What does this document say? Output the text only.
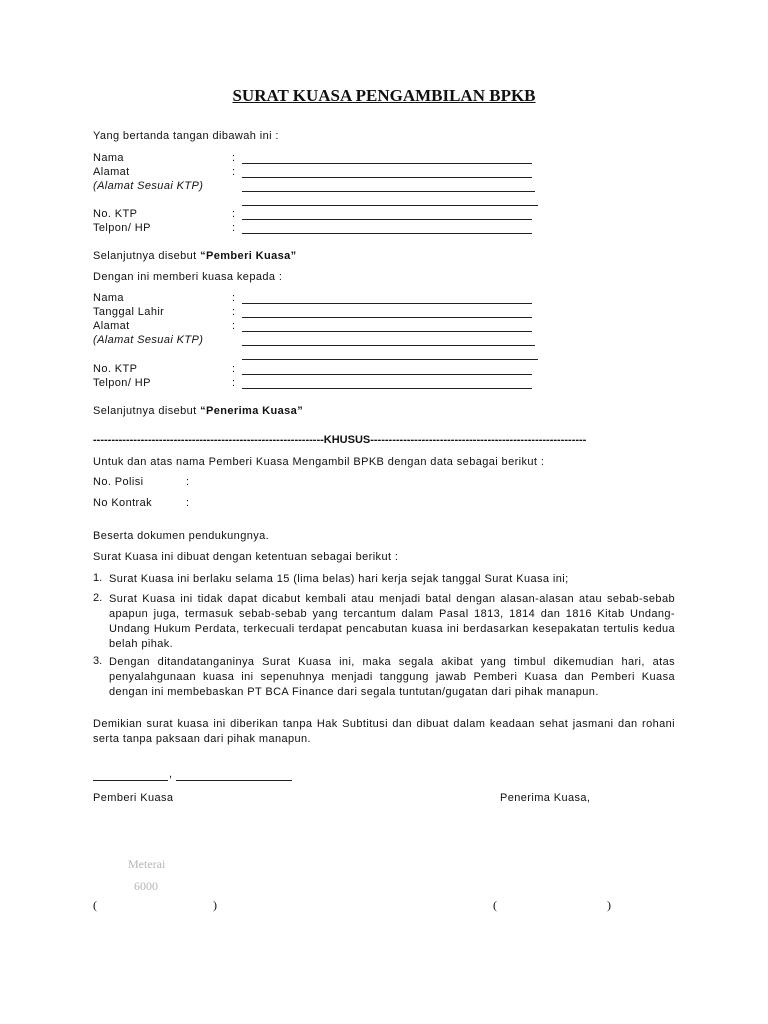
SURAT KUASA PENGAMBILAN BPKB
Yang bertanda tangan dibawah ini :
Nama	:
Alamat	:
(Alamat Sesuai KTP)
No. KTP	:
Telpon/ HP	:
Selanjutnya disebut “Pemberi Kuasa”
Dengan ini memberi kuasa kepada :
Nama	:
Tanggal Lahir	:
Alamat	:
(Alamat Sesuai KTP)
No. KTP	:
Telpon/ HP	:
Selanjutnya disebut “Penerima Kuasa”
---------------------------------------------------------------KHUSUS-----------------------------------------------------------
Untuk dan atas nama Pemberi Kuasa Mengambil BPKB dengan data sebagai berikut :
No. Polisi	:
No Kontrak	:
Beserta dokumen pendukungnya.
Surat Kuasa ini dibuat dengan ketentuan sebagai berikut :
1. Surat Kuasa ini berlaku selama 15 (lima belas) hari kerja sejak tanggal Surat Kuasa ini;
2. Surat Kuasa ini tidak dapat dicabut kembali atau menjadi batal dengan alasan-alasan atau sebab-sebab apapun juga, termasuk sebab-sebab yang tercantum dalam Pasal 1813, 1814 dan 1816 Kitab Undang-Undang Hukum Perdata, terkecuali terdapat pencabutan kuasa ini berdasarkan kesepakatan tertulis kedua belah pihak.
3. Dengan ditandatanganinya Surat Kuasa ini, maka segala akibat yang timbul dikemudian hari, atas penyalahgunaan kuasa ini sepenuhnya menjadi tanggung jawab Pemberi Kuasa dan Pemberi Kuasa dengan ini membebaskan PT BCA Finance dari segala tuntutan/gugatan dari pihak manapun.
Demikian surat kuasa ini diberikan tanpa Hak Subtitusi dan dibuat dalam keadaan sehat jasmani dan rohani serta tanpa paksaan dari pihak manapun.
,
Pemberi Kuasa	Penerima Kuasa,
Meterai
6000
(	)	(	)
